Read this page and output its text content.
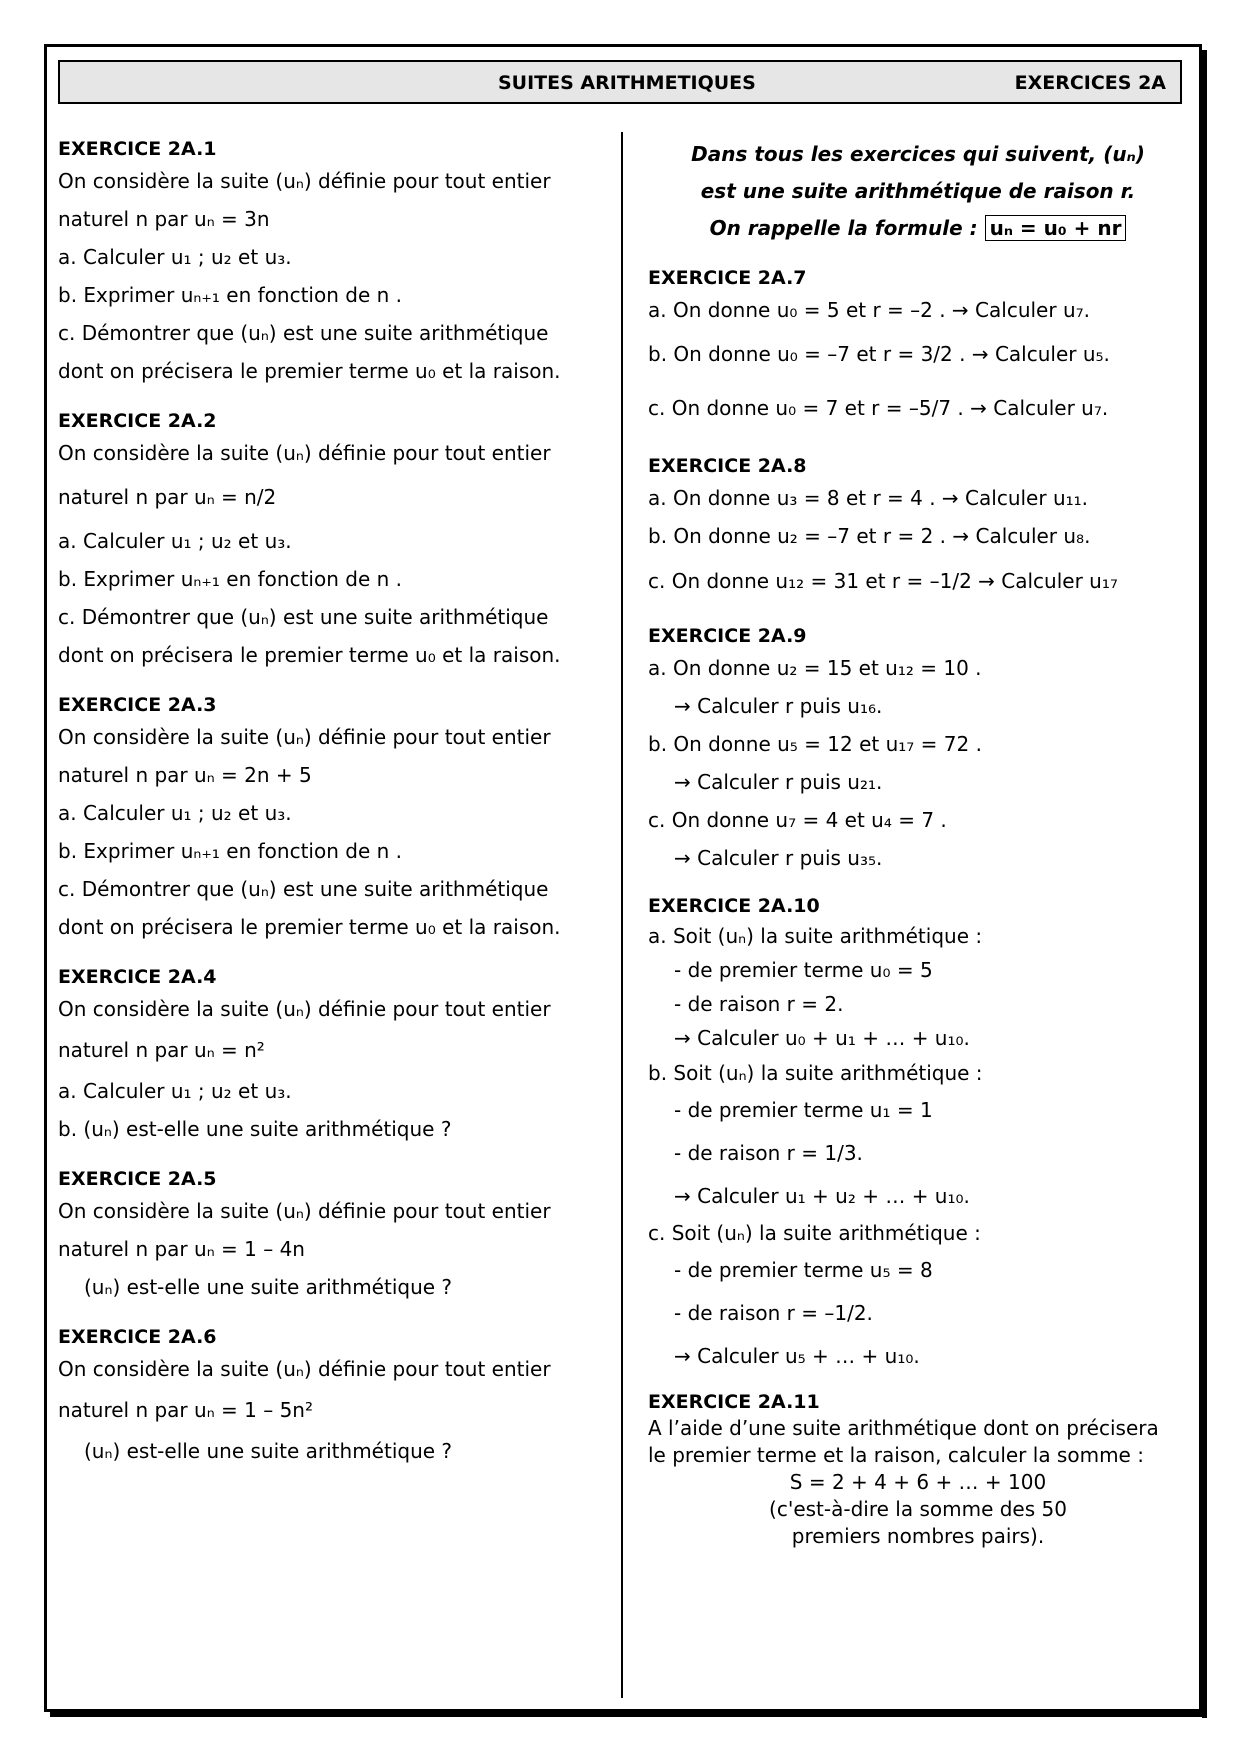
SUITES ARITHMETIQUES	EXERCICES 2A
EXERCICE 2A.1
On considère la suite (uₙ) définie pour tout entier
naturel n par uₙ = 3n
a. Calculer u₁ ; u₂ et u₃.
b. Exprimer uₙ₊₁ en fonction de n .
c. Démontrer que (uₙ) est une suite arithmétique
dont on précisera le premier terme u₀ et la raison.
EXERCICE 2A.2
On considère la suite (uₙ) définie pour tout entier
naturel n par uₙ = n/2
a. Calculer u₁ ; u₂ et u₃.
b. Exprimer uₙ₊₁ en fonction de n .
c. Démontrer que (uₙ) est une suite arithmétique
dont on précisera le premier terme u₀ et la raison.
EXERCICE 2A.3
On considère la suite (uₙ) définie pour tout entier
naturel n par uₙ = 2n + 5
a. Calculer u₁ ; u₂ et u₃.
b. Exprimer uₙ₊₁ en fonction de n .
c. Démontrer que (uₙ) est une suite arithmétique
dont on précisera le premier terme u₀ et la raison.
EXERCICE 2A.4
On considère la suite (uₙ) définie pour tout entier
naturel n par uₙ = n²
a. Calculer u₁ ; u₂ et u₃.
b. (uₙ) est-elle une suite arithmétique ?
EXERCICE 2A.5
On considère la suite (uₙ) définie pour tout entier
naturel n par uₙ = 1 – 4n
(uₙ) est-elle une suite arithmétique ?
EXERCICE 2A.6
On considère la suite (uₙ) définie pour tout entier
naturel n par uₙ = 1 – 5n²
(uₙ) est-elle une suite arithmétique ?
Dans tous les exercices qui suivent, (uₙ)
est une suite arithmétique de raison r.
On rappelle la formule : uₙ = u₀ + nr
EXERCICE 2A.7
a. On donne u₀ = 5 et r = –2 . → Calculer u₇.
b. On donne u₀ = –7 et r = 3/2 . → Calculer u₅.
c. On donne u₀ = 7 et r = –5/7 . → Calculer u₇.
EXERCICE 2A.8
a. On donne u₃ = 8 et r = 4 . → Calculer u₁₁.
b. On donne u₂ = –7 et r = 2 . → Calculer u₈.
c. On donne u₁₂ = 31 et r = –1/2 → Calculer u₁₇
EXERCICE 2A.9
a. On donne u₂ = 15 et u₁₂ = 10 .
→ Calculer r puis u₁₆.
b. On donne u₅ = 12 et u₁₇ = 72 .
→ Calculer r puis u₂₁.
c. On donne u₇ = 4 et u₄ = 7 .
→ Calculer r puis u₃₅.
EXERCICE 2A.10
a. Soit (uₙ) la suite arithmétique :
- de premier terme u₀ = 5
- de raison r = 2.
→ Calculer u₀ + u₁ + … + u₁₀.
b. Soit (uₙ) la suite arithmétique :
- de premier terme u₁ = 1
- de raison r = 1/3.
→ Calculer u₁ + u₂ + … + u₁₀.
c. Soit (uₙ) la suite arithmétique :
- de premier terme u₅ = 8
- de raison r = –1/2.
→ Calculer u₅ + … + u₁₀.
EXERCICE 2A.11
A l’aide d’une suite arithmétique dont on précisera
le premier terme et la raison, calculer la somme :
S = 2 + 4 + 6 + … + 100
(c'est-à-dire la somme des 50
premiers nombres pairs).
